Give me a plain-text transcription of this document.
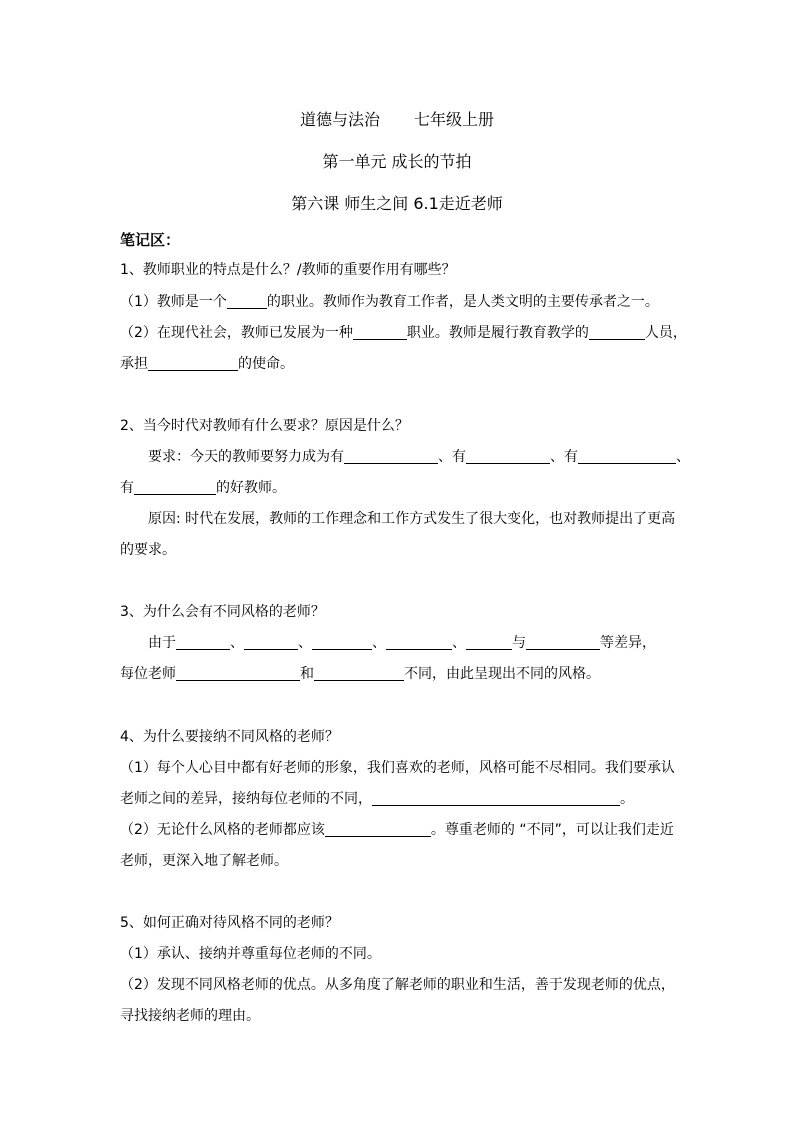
道德与法治 七年级上册
第一单元 成长的节拍
第六课 师生之间 6.1走近老师
笔记区：
1、教师职业的特点是什么？/教师的重要作用有哪些？
（1）教师是一个	的职业。教师作为教育工作者，是人类文明的主要传承者之一。
（2）在现代社会，教师已发展为一种	职业。教师是履行教育教学的	人员，
承担	的使命。
2、当今时代对教师有什么要求？原因是什么？
要求：今天的教师要努力成为有	、有	、有	、
有	的好教师。
原因: 时代在发展，教师的工作理念和工作方式发生了很大变化，也对教师提出了更高
的要求。
3、为什么会有不同风格的老师？
由于	、	、	、	、	与	等差异，
每位老师	和	不同，由此呈现出不同的风格。
4、为什么要接纳不同风格的老师？
（1）每个人心目中都有好老师的形象，我们喜欢的老师，风格可能不尽相同。我们要承认
老师之间的差异，接纳每位老师的不同，	。
（2）无论什么风格的老师都应该	。尊重老师的 “不同”，可以让我们走近
老师，更深入地了解老师。
5、如何正确对待风格不同的老师？
（1）承认、接纳并尊重每位老师的不同。
（2）发现不同风格老师的优点。从多角度了解老师的职业和生活，善于发现老师的优点，
寻找接纳老师的理由。
